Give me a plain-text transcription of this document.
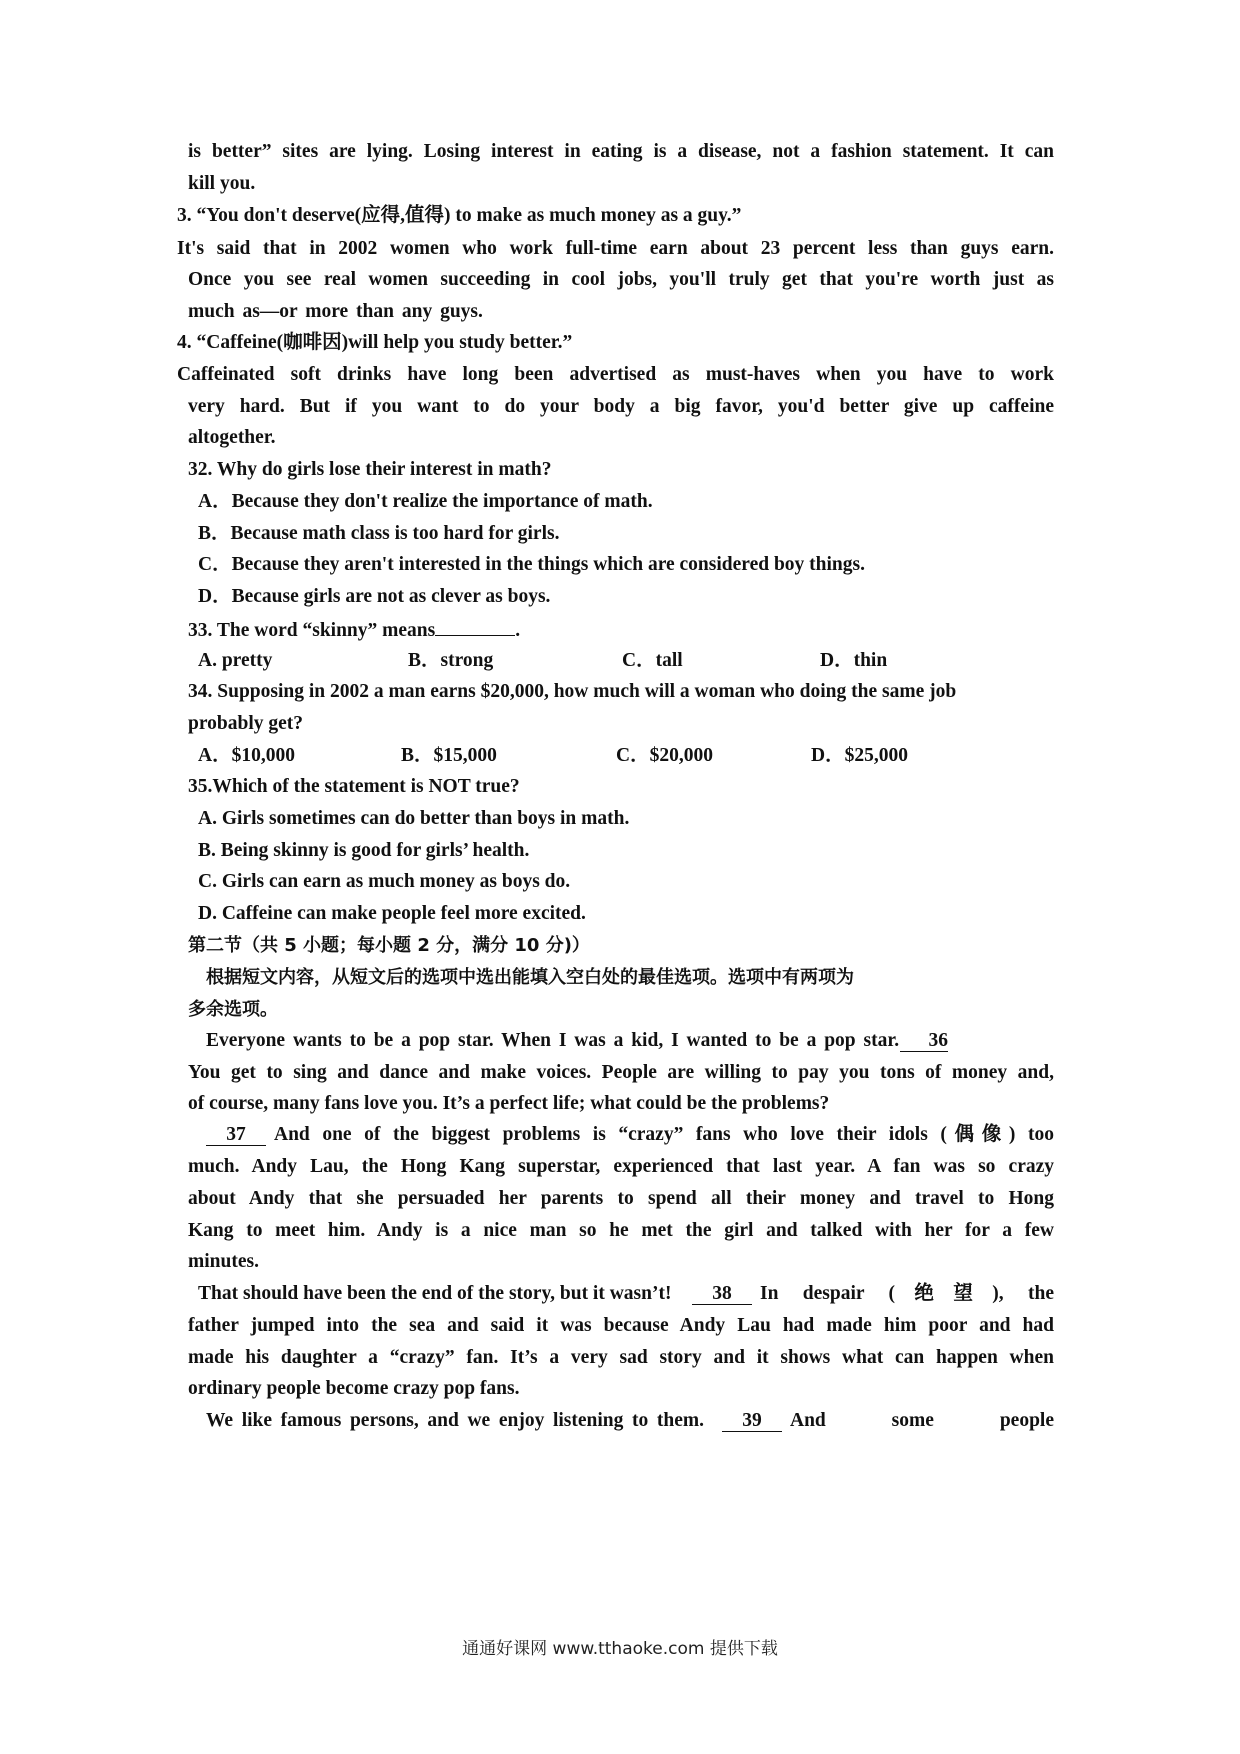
is better” sites are lying. Losing interest in eating is a disease, not a fashion statement. It can
kill you.
3. “You don't deserve(应得,值得) to make as much money as a guy.”
It's said that in 2002 women who work full-time earn about 23 percent less than guys earn.
Once you see real women succeeding in cool jobs, you'll truly get that you're worth just as
much as—or more than any guys.
4. “Caffeine(咖啡因)will help you study better.”
Caffeinated soft drinks have long been advertised as must-haves when you have to work
very hard. But if you want to do your body a big favor, you'd better give up caffeine
altogether.
32. Why do girls lose their interest in math?
A．Because they don't realize the importance of math.
B．Because math class is too hard for girls.
C．Because they aren't interested in the things which are considered boy things.
D．Because girls are not as clever as boys.
33. The word “skinny” means	.
A. pretty	B．strong	C．tall	D．thin
34. Supposing in 2002 a man earns $20,000, how much will a woman who doing the same job
probably get?
A．$10,000	B．$15,000	C．$20,000	D．$25,000
35.Which of the statement is NOT true?
A. Girls sometimes can do better than boys in math.
B. Being skinny is good for girls’ health.
C. Girls can earn as much money as boys do.
D. Caffeine can make people feel more excited.
第二节（共 5 小题；每小题 2 分，满分 10 分)）
根据短文内容，从短文后的选项中选出能填入空白处的最佳选项。选项中有两项为
多余选项。
Everyone wants to be a pop star. When I was a kid, I wanted to be a pop star.	36
You get to sing and dance and make voices. People are willing to pay you tons of money and,
of course, many fans love you. It’s a perfect life; what could be the problems?
37	And one of the biggest problems is “crazy” fans who love their idols (偶像) too
much. Andy Lau, the Hong Kang superstar, experienced that last year. A fan was so crazy
about Andy that she persuaded her parents to spend all their money and travel to Hong
Kang to meet him. Andy is a nice man so he met the girl and talked with her for a few
minutes.
That should have been the end of the story, but it wasn’t!	38	In despair (绝望), the
father jumped into the sea and said it was because Andy Lau had made him poor and had
made his daughter a “crazy” fan. It’s a very sad story and it shows what can happen when
ordinary people become crazy pop fans.
We like famous persons, and we enjoy listening to them.	39	And some people
通通好课网 www.tthaoke.com 提供下载
